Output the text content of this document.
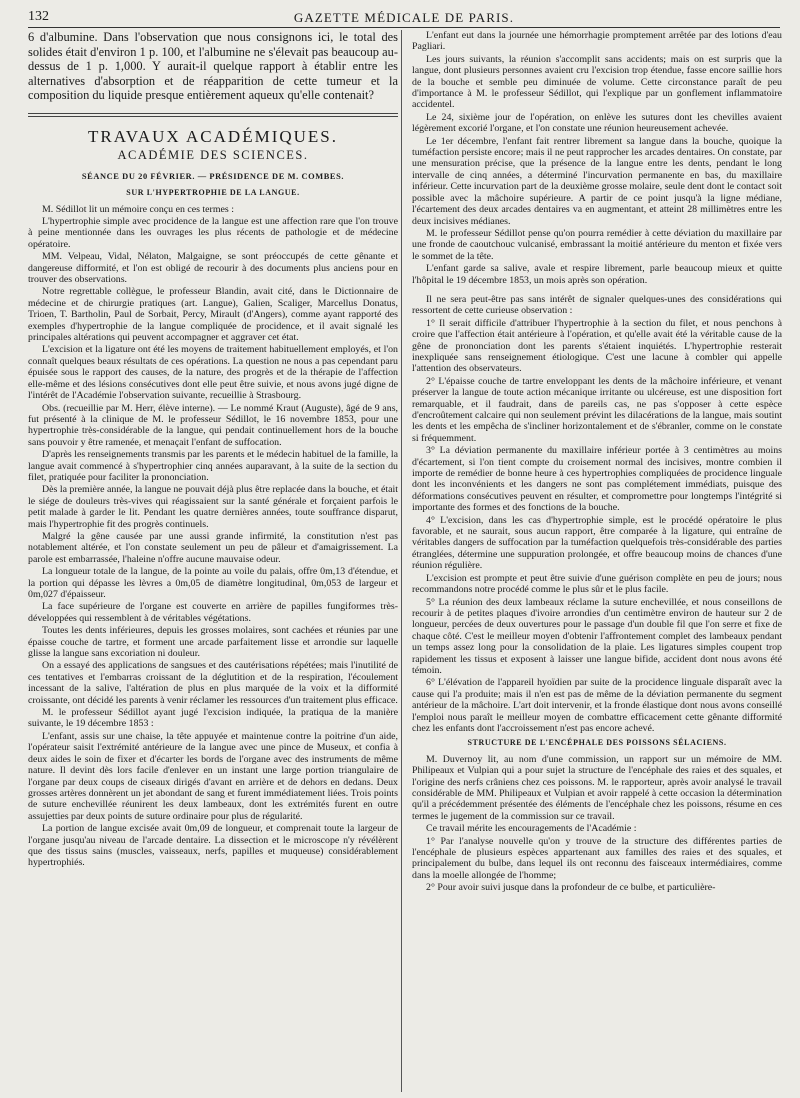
132	GAZETTE MÉDICALE DE PARIS.

6 d'albumine. Dans l'observation que nous consignons ici, le total des solides était d'environ 1 p. 100, et l'albumine ne s'élevait pas beaucoup au-dessus de 1 p. 1,000. Y aurait-il quelque rapport à établir entre les alternatives d'absorption et de réapparition de cette tumeur et la composition du liquide presque entièrement aqueux qu'elle contenait?

TRAVAUX ACADÉMIQUES.
ACADÉMIE DES SCIENCES.
SÉANCE DU 20 FÉVRIER. — PRÉSIDENCE DE M. COMBES.
SUR L'HYPERTROPHIE DE LA LANGUE.

M. Sédillot lit un mémoire conçu en ces termes :

L'hypertrophie simple avec procidence de la langue est une affection rare que l'on trouve à peine mentionnée dans les ouvrages les plus récents de pathologie et de médecine opératoire.

MM. Velpeau, Vidal, Nélaton, Malgaigne, se sont préoccupés de cette gênante et dangereuse difformité, et l'on est obligé de recourir à des documents plus anciens pour en trouver des observations.

Notre regrettable collègue, le professeur Blandin, avait cité, dans le Dictionnaire de médecine et de chirurgie pratiques (art. Langue), Galien, Scaliger, Marcellus Donatus, Trioen, T. Bartholin, Paul de Sorbait, Percy, Mirault (d'Angers), comme ayant rapporté des exemples d'hypertrophie de la langue compliquée de procidence, et il avait signalé les principales altérations qui peuvent accompagner et aggraver cet état.

L'excision et la ligature ont été les moyens de traitement habituellement employés, et l'on connaît quelques beaux résultats de ces opérations. La question ne nous a pas cependant paru épuisée sous le rapport des causes, de la nature, des progrès et de la thérapie de l'affection elle-même et des lésions consécutives dont elle peut être suivie, et nous avons jugé digne de l'intérêt de l'Académie l'observation suivante, recueillie à Strasbourg.

Obs. (recueillie par M. Herr, élève interne). — Le nommé Kraut (Auguste), âgé de 9 ans, fut présenté à la clinique de M. le professeur Sédillot, le 16 novembre 1853, pour une hypertrophie très-considérable de la langue, qui pendait continuellement hors de la bouche sans pouvoir y être ramenée, et menaçait l'enfant de suffocation.

D'après les renseignements transmis par les parents et le médecin habituel de la famille, la langue avait commencé à s'hypertrophier cinq années auparavant, à la suite de la section du filet, pratiquée pour faciliter la prononciation.

Dès la première année, la langue ne pouvait déjà plus être replacée dans la bouche, et était le siége de douleurs très-vives qui réagissaient sur la santé générale et forçaient parfois le petit malade à garder le lit. Pendant les quatre dernières années, toute souffrance disparut, mais l'hypertrophie fit des progrès continuels.

Malgré la gêne causée par une aussi grande infirmité, la constitution n'est pas notablement altérée, et l'on constate seulement un peu de pâleur et d'amaigrissement. La parole est embarrassée, l'haleine n'offre aucune mauvaise odeur.

La longueur totale de la langue, de la pointe au voile du palais, offre 0m,13 d'étendue, et la portion qui dépasse les lèvres a 0m,05 de diamètre longitudinal, 0m,053 de largeur et 0m,027 d'épaisseur.

La face supérieure de l'organe est couverte en arrière de papilles fungiformes très-développées qui ressemblent à de véritables végétations.

Toutes les dents inférieures, depuis les grosses molaires, sont cachées et réunies par une épaisse couche de tartre, et forment une arcade parfaitement lisse et arrondie sur laquelle glisse la langue sans excoriation ni douleur.

On a essayé des applications de sangsues et des cautérisations répétées; mais l'inutilité de ces tentatives et l'embarras croissant de la déglutition et de la respiration, l'écoulement incessant de la salive, l'altération de plus en plus marquée de la voix et la difformité croissante, ont décidé les parents à venir réclamer les ressources d'un traitement plus efficace.

M. le professeur Sédillot ayant jugé l'excision indiquée, la pratiqua de la manière suivante, le 19 décembre 1853 :

L'enfant, assis sur une chaise, la tête appuyée et maintenue contre la poitrine d'un aide, l'opérateur saisit l'extrémité antérieure de la langue avec une pince de Museux, et confia à deux aides le soin de fixer et d'écarter les bords de l'organe avec des instruments de même nature. Il devint dès lors facile d'enlever en un instant une large portion triangulaire de l'organe par deux coups de ciseaux dirigés d'avant en arrière et de dehors en dedans. Deux grosses artères donnèrent un jet abondant de sang et furent immédiatement liées. Trois points de suture enchevillée réunirent les deux lambeaux, dont les extrémités furent en outre assujetties par deux points de suture ordinaire pour plus de régularité.

La portion de langue excisée avait 0m,09 de longueur, et comprenait toute la largeur de l'organe jusqu'au niveau de l'arcade dentaire. La dissection et le microscope n'y révélèrent que des tissus sains (muscles, vaisseaux, nerfs, papilles et muqueuse) considérablement hypertrophiés.

L'enfant eut dans la journée une hémorrhagie promptement arrêtée par des lotions d'eau Pagliari.

Les jours suivants, la réunion s'accomplit sans accidents; mais on est surpris que la langue, dont plusieurs personnes avaient cru l'excision trop étendue, fasse encore saillie hors de la bouche et semble peu diminuée de volume. Cette circonstance paraît de peu d'importance à M. le professeur Sédillot, qui l'explique par un gonflement inflammatoire accidentel.

Le 24, sixième jour de l'opération, on enlève les sutures dont les chevilles avaient légèrement excorié l'organe, et l'on constate une réunion heureusement achevée.

Le 1er décembre, l'enfant fait rentrer librement sa langue dans la bouche, quoique la tuméfaction persiste encore; mais il ne peut rapprocher les arcades dentaires. On constate, par une mensuration précise, que la présence de la langue entre les dents, pendant le long intervalle de cinq années, a déterminé l'incurvation permanente en bas, du maxillaire inférieur. Cette incurvation part de la deuxième grosse molaire, seule dent dont le contact soit possible avec la mâchoire supérieure. A partir de ce point jusqu'à la ligne médiane, l'écartement des deux arcades dentaires va en augmentant, et atteint 28 millimètres entre les deux incisives médianes.

M. le professeur Sédillot pense qu'on pourra remédier à cette déviation du maxillaire par une fronde de caoutchouc vulcanisé, embrassant la moitié antérieure du menton et fixée vers le sommet de la tête.

L'enfant garde sa salive, avale et respire librement, parle beaucoup mieux et quitte l'hôpital le 19 décembre 1853, un mois après son opération.

Il ne sera peut-être pas sans intérêt de signaler quelques-unes des considérations qui ressortent de cette curieuse observation :

1° Il serait difficile d'attribuer l'hypertrophie à la section du filet, et nous penchons à croire que l'affection était antérieure à l'opération, et qu'elle avait été la véritable cause de la gêne de prononciation dont les parents s'étaient inquiétés. L'hypertrophie resterait inexpliquée sans renseignement étiologique. C'est une lacune à combler qui appelle l'attention des observateurs.

2° L'épaisse couche de tartre enveloppant les dents de la mâchoire inférieure, et venant préserver la langue de toute action mécanique irritante ou ulcéreuse, est une disposition fort remarquable, et il faudrait, dans de pareils cas, ne pas s'opposer à cette espèce d'encroûtement calcaire qui non seulement prévint les dilacérations de la langue, mais soutint les dents et les empêcha de s'incliner horizontalement et de s'ébranler, comme on le constate si fréquemment.

3° La déviation permanente du maxillaire inférieur portée à 3 centimètres au moins d'écartement, si l'on tient compte du croisement normal des incisives, montre combien il importe de remédier de bonne heure à ces hypertrophies compliquées de procidence linguale dont les inconvénients et les dangers ne sont pas complétement immédiats, puisque des déformations consécutives peuvent en résulter, et compromettre pour longtemps l'intégrité si importante des formes et des fonctions de la bouche.

4° L'excision, dans les cas d'hypertrophie simple, est le procédé opératoire le plus favorable, et ne saurait, sous aucun rapport, être comparée à la ligature, qui entraîne de véritables dangers de suffocation par la tuméfaction quelquefois très-considérable des parties étranglées, détermine une suppuration prolongée, et offre beaucoup moins de chances d'une réunion régulière.

L'excision est prompte et peut être suivie d'une guérison complète en peu de jours; nous recommandons notre procédé comme le plus sûr et le plus facile.

5° La réunion des deux lambeaux réclame la suture enchevillée, et nous conseillons de recourir à de petites plaques d'ivoire arrondies d'un centimètre environ de hauteur sur 2 de longueur, percées de deux ouvertures pour le passage d'un double fil que l'on serre et fixe de chaque côté. C'est le meilleur moyen d'obtenir l'affrontement complet des lambeaux pendant un temps assez long pour la consolidation de la plaie. Les ligatures simples coupent trop rapidement les tissus et exposent à laisser une langue bifide, accident dont nous avons été témoin.

6° L'élévation de l'appareil hyoïdien par suite de la procidence linguale disparaît avec la cause qui l'a produite; mais il n'en est pas de même de la déviation permanente du segment antérieur de la mâchoire. L'art doit intervenir, et la fronde élastique dont nous avons conseillé l'emploi nous paraît le meilleur moyen de combattre efficacement cette gênante difformité chez les enfants dont l'accroissement n'est pas encore achevé.

STRUCTURE DE L'ENCÉPHALE DES POISSONS SÉLACIENS.

M. Duvernoy lit, au nom d'une commission, un rapport sur un mémoire de MM. Philipeaux et Vulpian qui a pour sujet la structure de l'encéphale des raies et des squales, et l'origine des nerfs crâniens chez ces poissons. M. le rapporteur, après avoir analysé le travail considérable de MM. Philipeaux et Vulpian et avoir rappelé à cette occasion la détermination qu'il a précédemment présentée des éléments de l'encéphale chez les poissons, résume en ces termes le jugement de la commission sur ce travail.

Ce travail mérite les encouragements de l'Académie :

1° Par l'analyse nouvelle qu'on y trouve de la structure des différentes parties de l'encéphale de plusieurs espèces appartenant aux familles des raies et des squales, et principalement du bulbe, dans lequel ils ont reconnu des faisceaux intermédiaires, comme dans la moelle allongée de l'homme;

2° Pour avoir suivi jusque dans la profondeur de ce bulbe, et particulière-
